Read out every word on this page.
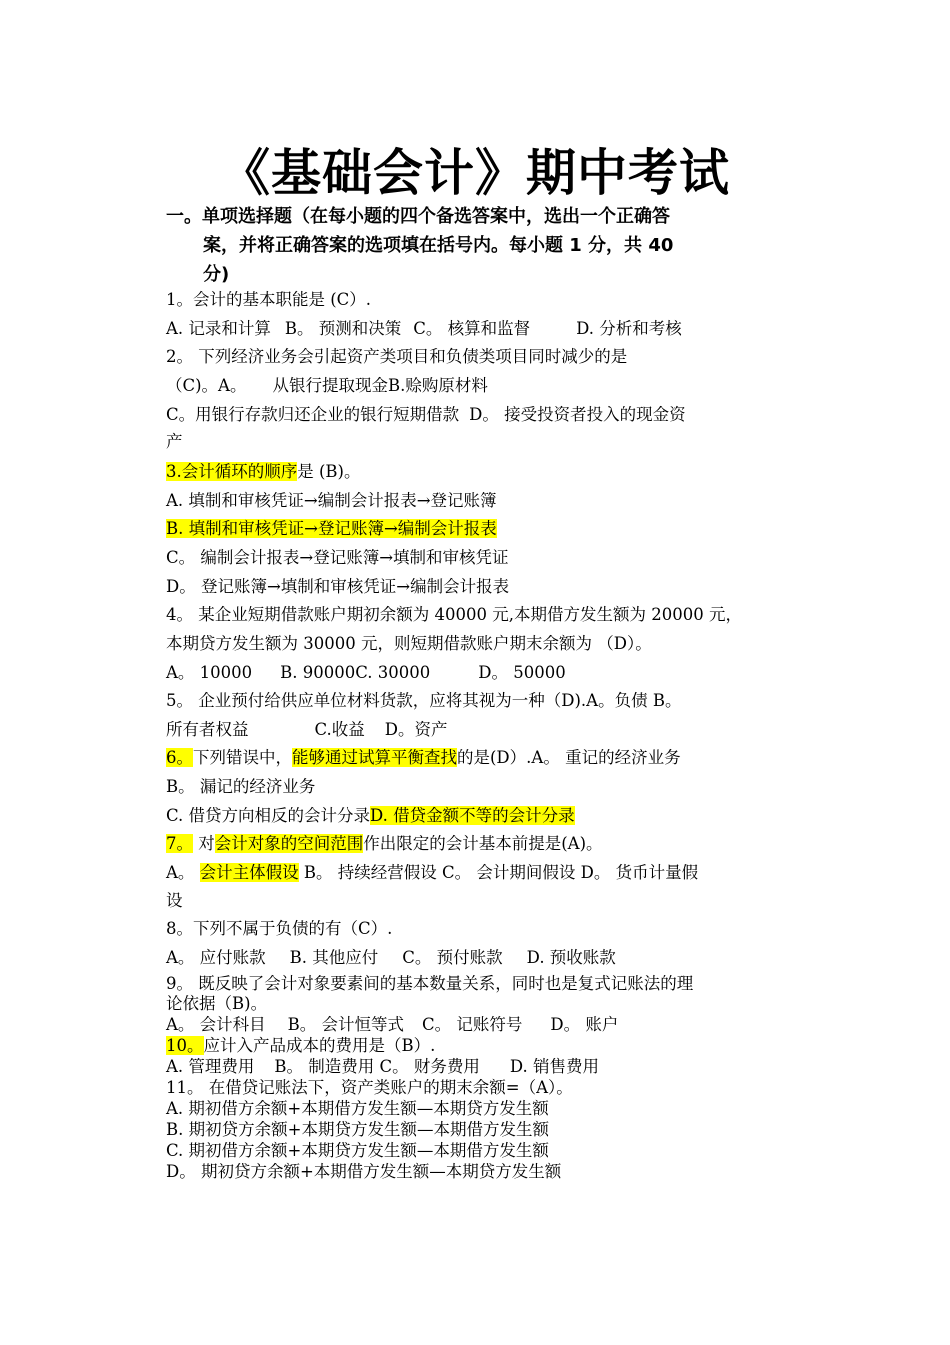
《基础会计》期中考试
一。单项选择题（在每小题的四个备选答案中，选出一个正确答
案，并将正确答案的选项填在括号内。每小题 1 分，共 40
分)
1。会计的基本职能是 (C）.
A. 记录和计算 B。 预测和决策 C。 核算和监督	D. 分析和考核
2。 下列经济业务会引起资产类项目和负债类项目同时减少的是
（C)。A。 从银行提取现金B.赊购原材料
C。用银行存款归还企业的银行短期借款 D。 接受投资者投入的现金资
产
3.会计循环的顺序是 (B)。
A. 填制和审核凭证→编制会计报表→登记账簿
B. 填制和审核凭证→登记账簿→编制会计报表
C。 编制会计报表→登记账簿→填制和审核凭证
D。 登记账簿→填制和审核凭证→编制会计报表
4。 某企业短期借款账户期初余额为 40000 元,本期借方发生额为 20000 元，
本期贷方发生额为 30000 元，则短期借款账户期末余额为 （D）。
A。 10000 B. 90000C. 30000	D。 50000
5。 企业预付给供应单位材料货款，应将其视为一种（D).A。负债 B。
所有者权益	C.收益 D。资产
6。下列错误中，能够通过试算平衡查找的是(D）.A。 重记的经济业务
B。 漏记的经济业务
C. 借贷方向相反的会计分录D. 借贷金额不等的会计分录
7。 对会计对象的空间范围作出限定的会计基本前提是(A)。
A。 会计主体假设 B。 持续经营假设 C。 会计期间假设 D。 货币计量假
设
8。下列不属于负债的有（C）.
A。 应付账款 B. 其他应付 C。 预付账款 D. 预收账款
9。 既反映了会计对象要素间的基本数量关系，同时也是复式记账法的理
论依据（B)。
A。 会计科目 B。 会计恒等式 C。 记账符号 D。 账户
10。应计入产品成本的费用是（B）.
A. 管理费用 B。 制造费用 C。 财务费用 D. 销售费用
11。 在借贷记账法下，资产类账户的期末余额=（A）。
A. 期初借方余额+本期借方发生额—本期贷方发生额
B. 期初贷方余额+本期贷方发生额—本期借方发生额
C. 期初借方余额+本期贷方发生额—本期借方发生额
D。 期初贷方余额+本期借方发生额—本期贷方发生额
